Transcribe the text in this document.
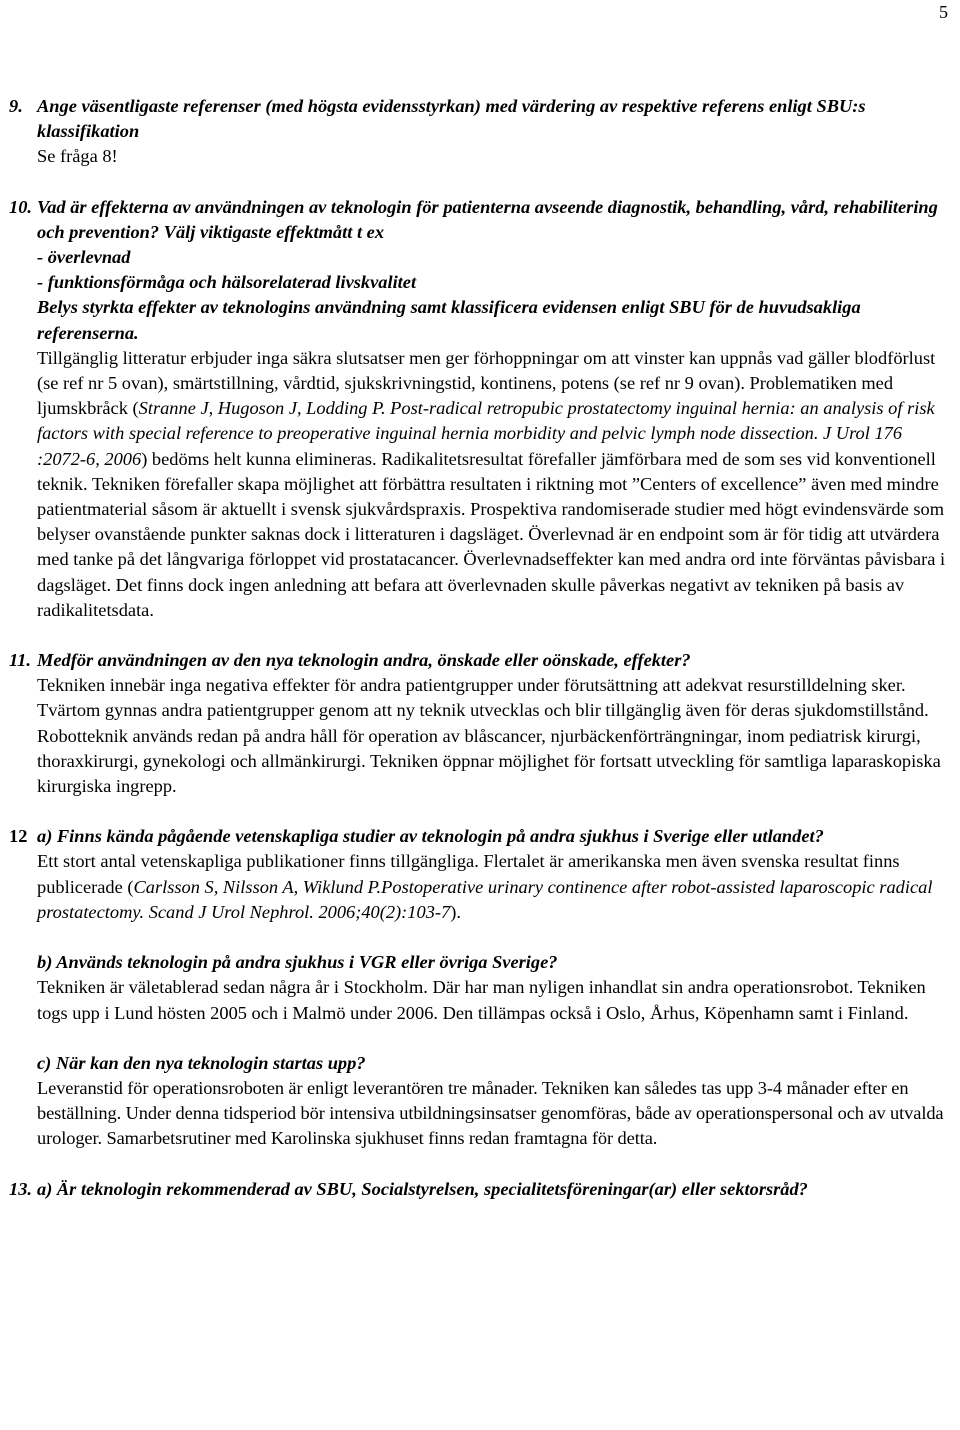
5
9. Ange väsentligaste referenser (med högsta evidensstyrkan) med värdering av respektive referens enligt SBU:s klassifikation
Se fråga 8!
10. Vad är effekterna av användningen av teknologin för patienterna avseende diagnostik, behandling, vård, rehabilitering och prevention? Välj viktigaste effektmått t ex
- överlevnad
- funktionsförmåga och hälsorelaterad livskvalitet
Belys styrkta effekter av teknologins användning samt klassificera evidensen enligt SBU för de huvudsakliga referenserna.
Tillgänglig litteratur erbjuder inga säkra slutsatser men ger förhoppningar om att vinster kan uppnås vad gäller blodförlust (se ref nr 5 ovan), smärtstillning, vårdtid, sjukskrivningstid, kontinens, potens (se ref nr 9 ovan). Problematiken med ljumskbråck (Stranne J, Hugoson J, Lodding P. Post-radical retropubic prostatectomy inguinal hernia: an analysis of risk factors with special reference to preoperative inguinal hernia morbidity and pelvic lymph node dissection. J Urol 176 :2072-6, 2006) bedöms helt kunna elimineras. Radikalitetsresultat förefaller jämförbara med de som ses vid konventionell teknik. Tekniken förefaller skapa möjlighet att förbättra resultaten i riktning mot ”Centers of excellence” även med mindre patientmaterial såsom är aktuellt i svensk sjukvårdspraxis. Prospektiva randomiserade studier med högt evindensvärde som belyser ovanstående punkter saknas dock i litteraturen i dagsläget. Överlevnad är en endpoint som är för tidig att utvärdera med tanke på det långvariga förloppet vid prostatacancer. Överlevnadseffekter kan med andra ord inte förväntas påvisbara i dagsläget. Det finns dock ingen anledning att befara att överlevnaden skulle påverkas negativt av tekniken på basis av radikalitetsdata.
11. Medför användningen av den nya teknologin andra, önskade eller oönskade, effekter?
Tekniken innebär inga negativa effekter för andra patientgrupper under förutsättning att adekvat resurstilldelning sker. Tvärtom gynnas andra patientgrupper genom att ny teknik utvecklas och blir tillgänglig även för deras sjukdomstillstånd. Robotteknik används redan på andra håll för operation av blåscancer, njurbäckenförträngningar, inom pediatrisk kirurgi, thoraxkirurgi, gynekologi och allmänkirurgi. Tekniken öppnar möjlighet för fortsatt utveckling för samtliga laparaskopiska kirurgiska ingrepp.
12 a) Finns kända pågående vetenskapliga studier av teknologin på andra sjukhus i Sverige eller utlandet?
Ett stort antal vetenskapliga publikationer finns tillgängliga. Flertalet är amerikanska men även svenska resultat finns publicerade (Carlsson S, Nilsson A, Wiklund P.Postoperative urinary continence after robot-assisted laparoscopic radical prostatectomy. Scand J Urol Nephrol. 2006;40(2):103-7).
b) Används teknologin på andra sjukhus i VGR eller övriga Sverige?
Tekniken är väletablerad sedan några år i Stockholm. Där har man nyligen inhandlat sin andra operationsrobot. Tekniken togs upp i Lund hösten 2005 och i Malmö under 2006. Den tillämpas också i Oslo, Århus, Köpenhamn samt i Finland.
c) När kan den nya teknologin startas upp?
Leveranstid för operationsroboten är enligt leverantören tre månader. Tekniken kan således tas upp 3-4 månader efter en beställning. Under denna tidsperiod bör intensiva utbildningsinsatser genomföras, både av operationspersonal och av utvalda urologer. Samarbetsrutiner med Karolinska sjukhuset finns redan framtagna för detta.
13. a) Är teknologin rekommenderad av SBU, Socialstyrelsen, specialitetsföreningar(ar) eller sektorsråd?
